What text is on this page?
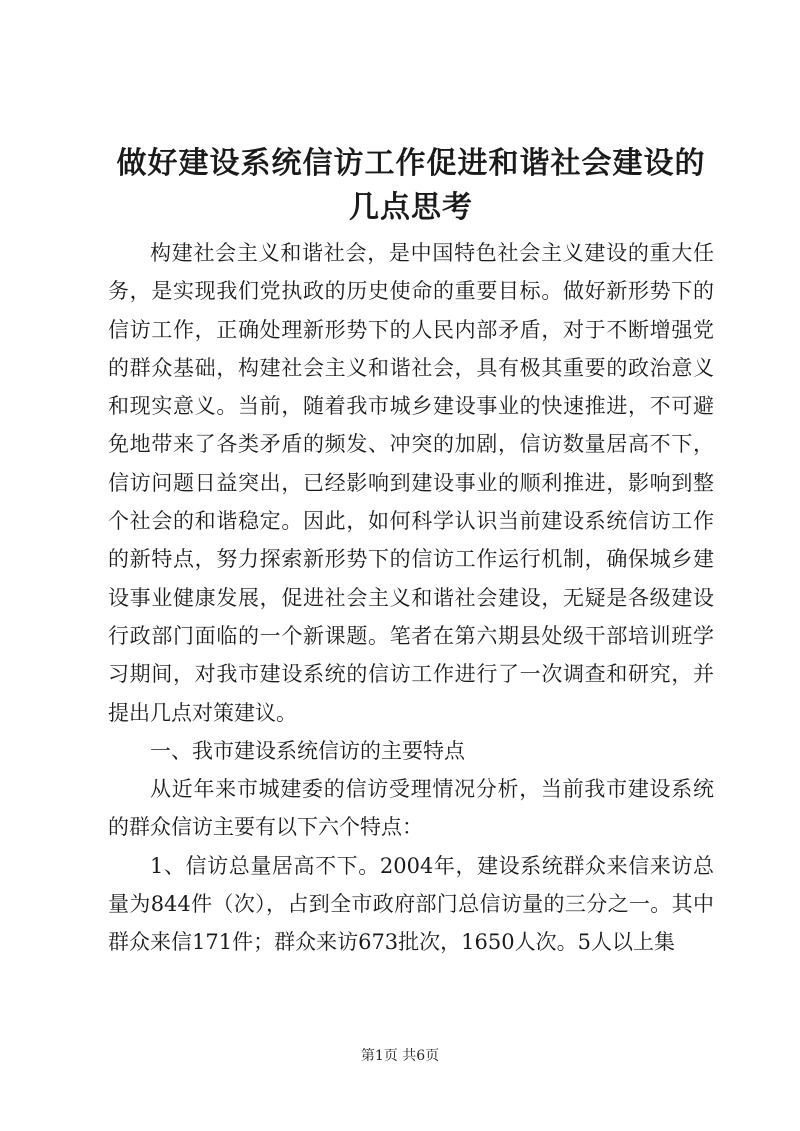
做好建设系统信访工作促进和谐社会建设的几点思考

构建社会主义和谐社会，是中国特色社会主义建设的重大任务，是实现我们党执政的历史使命的重要目标。做好新形势下的信访工作，正确处理新形势下的人民内部矛盾，对于不断增强党的群众基础，构建社会主义和谐社会，具有极其重要的政治意义和现实意义。当前，随着我市城乡建设事业的快速推进，不可避免地带来了各类矛盾的频发、冲突的加剧，信访数量居高不下，信访问题日益突出，已经影响到建设事业的顺利推进，影响到整个社会的和谐稳定。因此，如何科学认识当前建设系统信访工作的新特点，努力探索新形势下的信访工作运行机制，确保城乡建设事业健康发展，促进社会主义和谐社会建设，无疑是各级建设行政部门面临的一个新课题。笔者在第六期县处级干部培训班学习期间，对我市建设系统的信访工作进行了一次调查和研究，并提出几点对策建议。

一、我市建设系统信访的主要特点

从近年来市城建委的信访受理情况分析，当前我市建设系统的群众信访主要有以下六个特点：

1、信访总量居高不下。2004年，建设系统群众来信来访总量为844件（次），占到全市政府部门总信访量的三分之一。其中群众来信171件；群众来访673批次，1650人次。5人以上集

第1页 共6页
